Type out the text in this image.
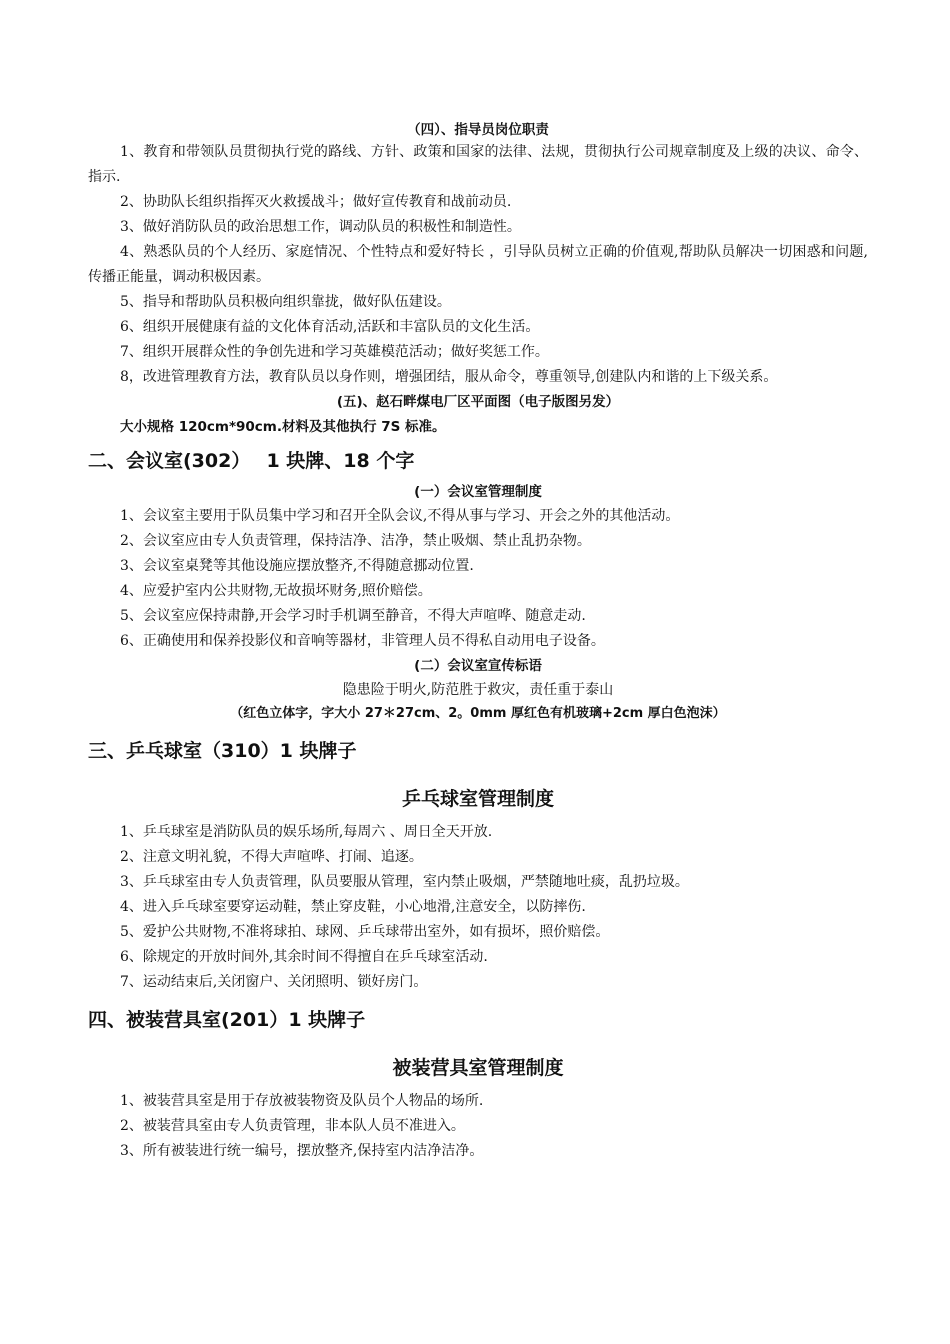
（四）、指导员岗位职责

1、教育和带领队员贯彻执行党的路线、方针、政策和国家的法律、法规，贯彻执行公司规章制度及上级的决议、命令、指示.

2、协助队长组织指挥灭火救援战斗；做好宣传教育和战前动员.

3、做好消防队员的政治思想工作，调动队员的积极性和制造性。

4、熟悉队员的个人经历、家庭情况、个性特点和爱好特长 ，引导队员树立正确的价值观,帮助队员解决一切困惑和问题,传播正能量，调动积极因素。

5、指导和帮助队员积极向组织靠拢，做好队伍建设。

6、组织开展健康有益的文化体育活动,活跃和丰富队员的文化生活。

7、组织开展群众性的争创先进和学习英雄模范活动；做好奖惩工作。

8，改进管理教育方法，教育队员以身作则，增强团结，服从命令，尊重领导,创建队内和谐的上下级关系。

(五)、赵石畔煤电厂区平面图（电子版图另发）

大小规格 120cm*90cm.材料及其他执行 7S 标准。

二、会议室(302）　 1 块牌、18 个字

(一）会议室管理制度

1、会议室主要用于队员集中学习和召开全队会议,不得从事与学习、开会之外的其他活动。

2、会议室应由专人负责管理，保持洁净、洁净，禁止吸烟、禁止乱扔杂物。

3、会议室桌凳等其他设施应摆放整齐,不得随意挪动位置.

4、应爱护室内公共财物,无故损坏财务,照价赔偿。

5、会议室应保持肃静,开会学习时手机调至静音，不得大声喧哗、随意走动.

6、正确使用和保养投影仪和音响等器材，非管理人员不得私自动用电子设备。

(二）会议室宣传标语

隐患险于明火,防范胜于救灾，责任重于泰山

（红色立体字，字大小 27＊27cm、2。0mm 厚红色有机玻璃+2cm 厚白色泡沫）

三、乒乓球室（310）1 块牌子

乒乓球室管理制度

1、乒乓球室是消防队员的娱乐场所,每周六 、周日全天开放.

2、注意文明礼貌，不得大声喧哗、打闹、追逐。

3、乒乓球室由专人负责管理，队员要服从管理，室内禁止吸烟，严禁随地吐痰，乱扔垃圾。

4、进入乒乓球室要穿运动鞋，禁止穿皮鞋，小心地滑,注意安全，以防摔伤.

5、爱护公共财物,不准将球拍、球网、乒乓球带出室外，如有损坏，照价赔偿。

6、除规定的开放时间外,其余时间不得擅自在乒乓球室活动.

7、运动结束后,关闭窗户、关闭照明、锁好房门。

四、被装营具室(201）1 块牌子

被装营具室管理制度

1、被装营具室是用于存放被装物资及队员个人物品的场所.

2、被装营具室由专人负责管理，非本队人员不准进入。

3、所有被装进行统一编号，摆放整齐,保持室内洁净洁净。
